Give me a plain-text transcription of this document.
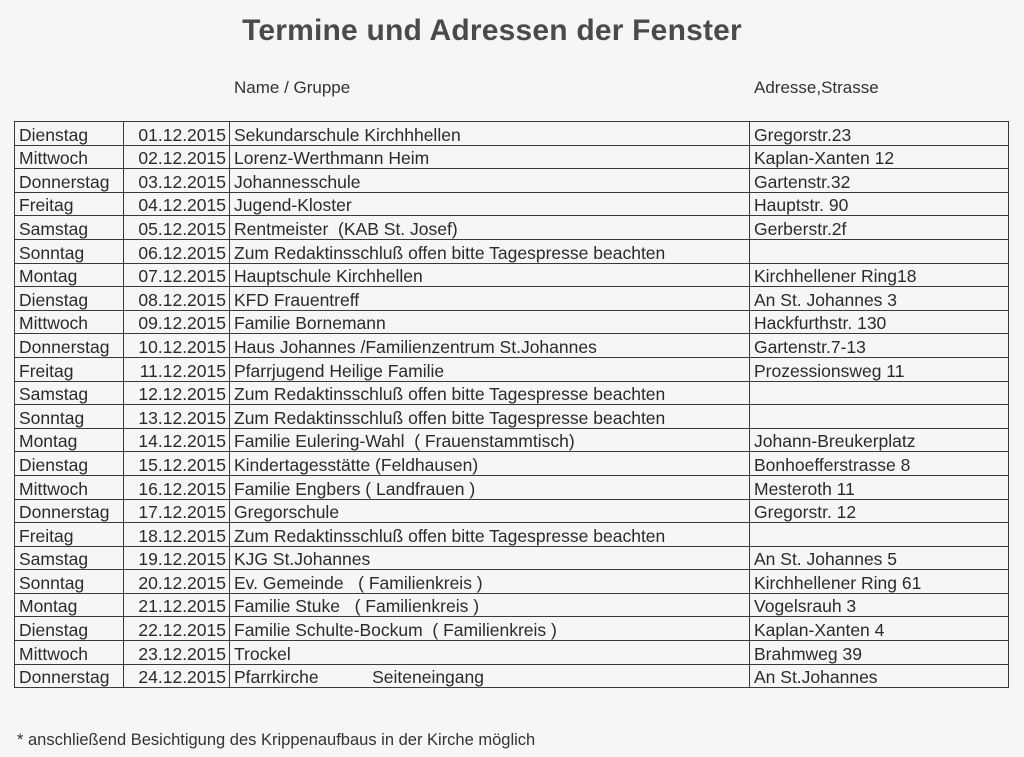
Termine und Adressen der Fenster
Name / Gruppe	Adresse,Strasse
Dienstag	01.12.2015	Sekundarschule Kirchhhellen	Gregorstr.23
Mittwoch	02.12.2015	Lorenz-Werthmann Heim	Kaplan-Xanten 12
Donnerstag	03.12.2015	Johannesschule	Gartenstr.32
Freitag	04.12.2015	Jugend-Kloster	Hauptstr. 90
Samstag	05.12.2015	Rentmeister  (KAB St. Josef)	Gerberstr.2f
Sonntag	06.12.2015	Zum Redaktinsschluß offen bitte Tagespresse beachten	
Montag	07.12.2015	Hauptschule Kirchhellen	Kirchhellener Ring18
Dienstag	08.12.2015	KFD Frauentreff	An St. Johannes 3
Mittwoch	09.12.2015	Familie Bornemann	Hackfurthstr. 130
Donnerstag	10.12.2015	Haus Johannes /Familienzentrum St.Johannes	Gartenstr.7-13
Freitag	11.12.2015	Pfarrjugend Heilige Familie	Prozessionsweg 11
Samstag	12.12.2015	Zum Redaktinsschluß offen bitte Tagespresse beachten	
Sonntag	13.12.2015	Zum Redaktinsschluß offen bitte Tagespresse beachten	
Montag	14.12.2015	Familie Eulering-Wahl  ( Frauenstammtisch)	Johann-Breukerplatz
Dienstag	15.12.2015	Kindertagesstätte (Feldhausen)	Bonhoefferstrasse 8
Mittwoch	16.12.2015	Familie Engbers ( Landfrauen )	Mesteroth 11
Donnerstag	17.12.2015	Gregorschule	Gregorstr. 12
Freitag	18.12.2015	Zum Redaktinsschluß offen bitte Tagespresse beachten	
Samstag	19.12.2015	KJG St.Johannes	An St. Johannes 5
Sonntag	20.12.2015	Ev. Gemeinde   ( Familienkreis )	Kirchhellener Ring 61
Montag	21.12.2015	Familie Stuke   ( Familienkreis )	Vogelsrauh 3
Dienstag	22.12.2015	Familie Schulte-Bockum  ( Familienkreis )	Kaplan-Xanten 4
Mittwoch	23.12.2015	Trockel	Brahmweg 39
Donnerstag	24.12.2015	Pfarrkirche           Seiteneingang	An St.Johannes
* anschließend Besichtigung des Krippenaufbaus in der Kirche möglich
